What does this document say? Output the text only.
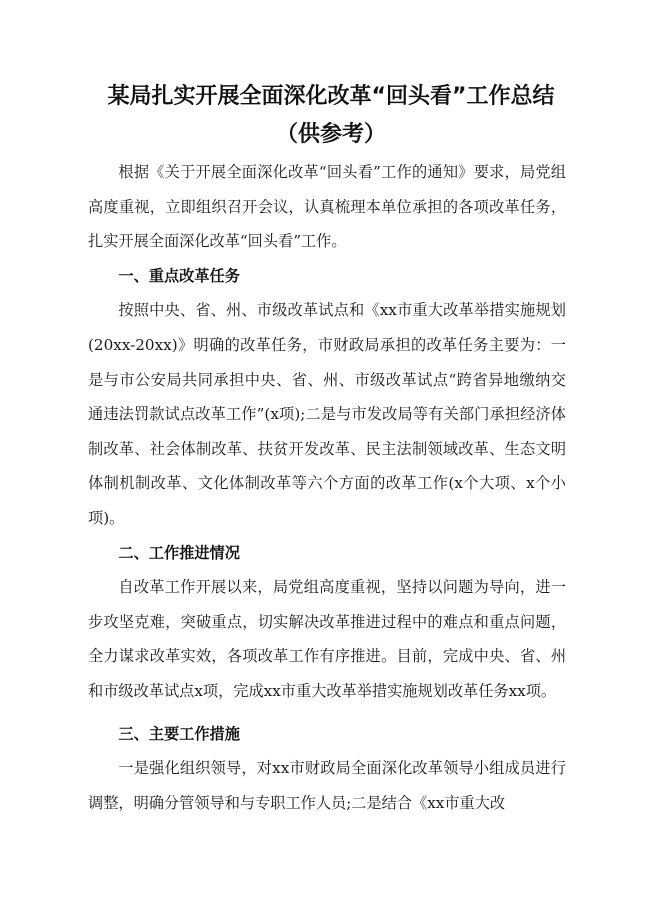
某局扎实开展全面深化改革“回头看”工作总结（供参考）

根据《关于开展全面深化改革“回头看”工作的通知》要求，局党组高度重视，立即组织召开会议，认真梳理本单位承担的各项改革任务，扎实开展全面深化改革“回头看”工作。

一、重点改革任务

按照中央、省、州、市级改革试点和《xx市重大改革举措实施规划(20xx-20xx)》明确的改革任务，市财政局承担的改革任务主要为：一是与市公安局共同承担中央、省、州、市级改革试点“跨省异地缴纳交通违法罚款试点改革工作”(x项);二是与市发改局等有关部门承担经济体制改革、社会体制改革、扶贫开发改革、民主法制领域改革、生态文明体制机制改革、文化体制改革等六个方面的改革工作(x个大项、x个小项)。

二、工作推进情况

自改革工作开展以来，局党组高度重视，坚持以问题为导向，进一步攻坚克难，突破重点，切实解决改革推进过程中的难点和重点问题，全力谋求改革实效，各项改革工作有序推进。目前，完成中央、省、州和市级改革试点x项，完成xx市重大改革举措实施规划改革任务xx项。

三、主要工作措施

一是强化组织领导，对xx市财政局全面深化改革领导小组成员进行调整，明确分管领导和与专职工作人员;二是结合《xx市重大改
